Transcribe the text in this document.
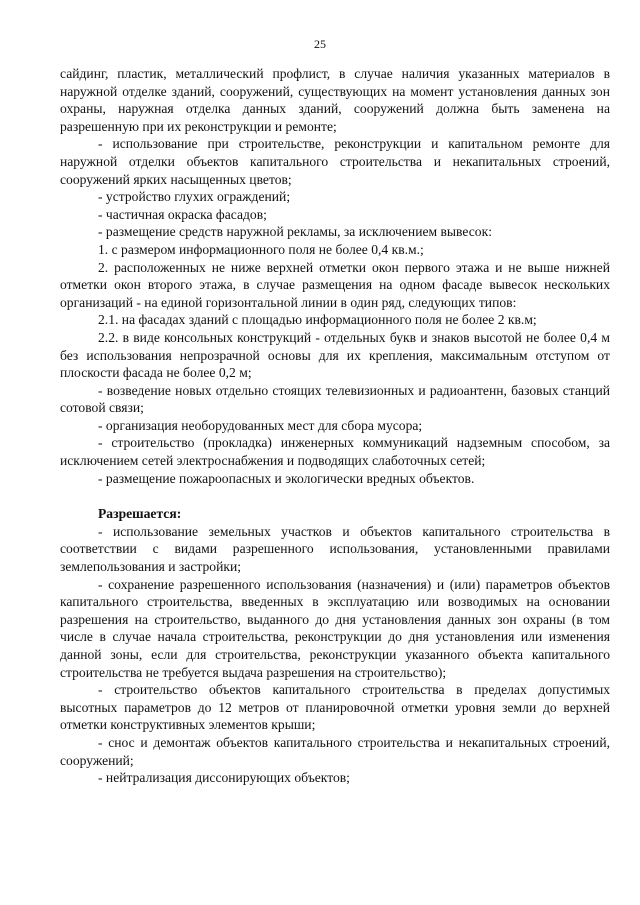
25

сайдинг, пластик, металлический профлист, в случае наличия указанных материалов в наружной отделке зданий, сооружений, существующих на момент установления данных зон охраны, наружная отделка данных зданий, сооружений должна быть заменена на разрешенную при их реконструкции и ремонте;

- использование при строительстве, реконструкции и капитальном ремонте для наружной отделки объектов капитального строительства и некапитальных строений, сооружений ярких насыщенных цветов;

- устройство глухих ограждений;

- частичная окраска фасадов;

- размещение средств наружной рекламы, за исключением вывесок:

1. с размером информационного поля не более 0,4 кв.м.;

2. расположенных не ниже верхней отметки окон первого этажа и не выше нижней отметки окон второго этажа, в случае размещения на одном фасаде вывесок нескольких организаций - на единой горизонтальной линии в один ряд, следующих типов:

2.1. на фасадах зданий с площадью информационного поля не более 2 кв.м;

2.2. в виде консольных конструкций - отдельных букв и знаков высотой не более 0,4 м без использования непрозрачной основы для их крепления, максимальным отступом от плоскости фасада не более 0,2 м;

- возведение новых отдельно стоящих телевизионных и радиоантенн, базовых станций сотовой связи;

- организация необорудованных мест для сбора мусора;

- строительство (прокладка) инженерных коммуникаций надземным способом, за исключением сетей электроснабжения и подводящих слаботочных сетей;

- размещение пожароопасных и экологически вредных объектов.

Разрешается:

- использование земельных участков и объектов капитального строительства в соответствии с видами разрешенного использования, установленными правилами землепользования и застройки;

- сохранение разрешенного использования (назначения) и (или) параметров объектов капитального строительства, введенных в эксплуатацию или возводимых на основании разрешения на строительство, выданного до дня установления данных зон охраны (в том числе в случае начала строительства, реконструкции до дня установления или изменения данной зоны, если для строительства, реконструкции указанного объекта капитального строительства не требуется выдача разрешения на строительство);

- строительство объектов капитального строительства в пределах допустимых высотных параметров до 12 метров от планировочной отметки уровня земли до верхней отметки конструктивных элементов крыши;

- снос и демонтаж объектов капитального строительства и некапитальных строений, сооружений;

- нейтрализация диссонирующих объектов;
